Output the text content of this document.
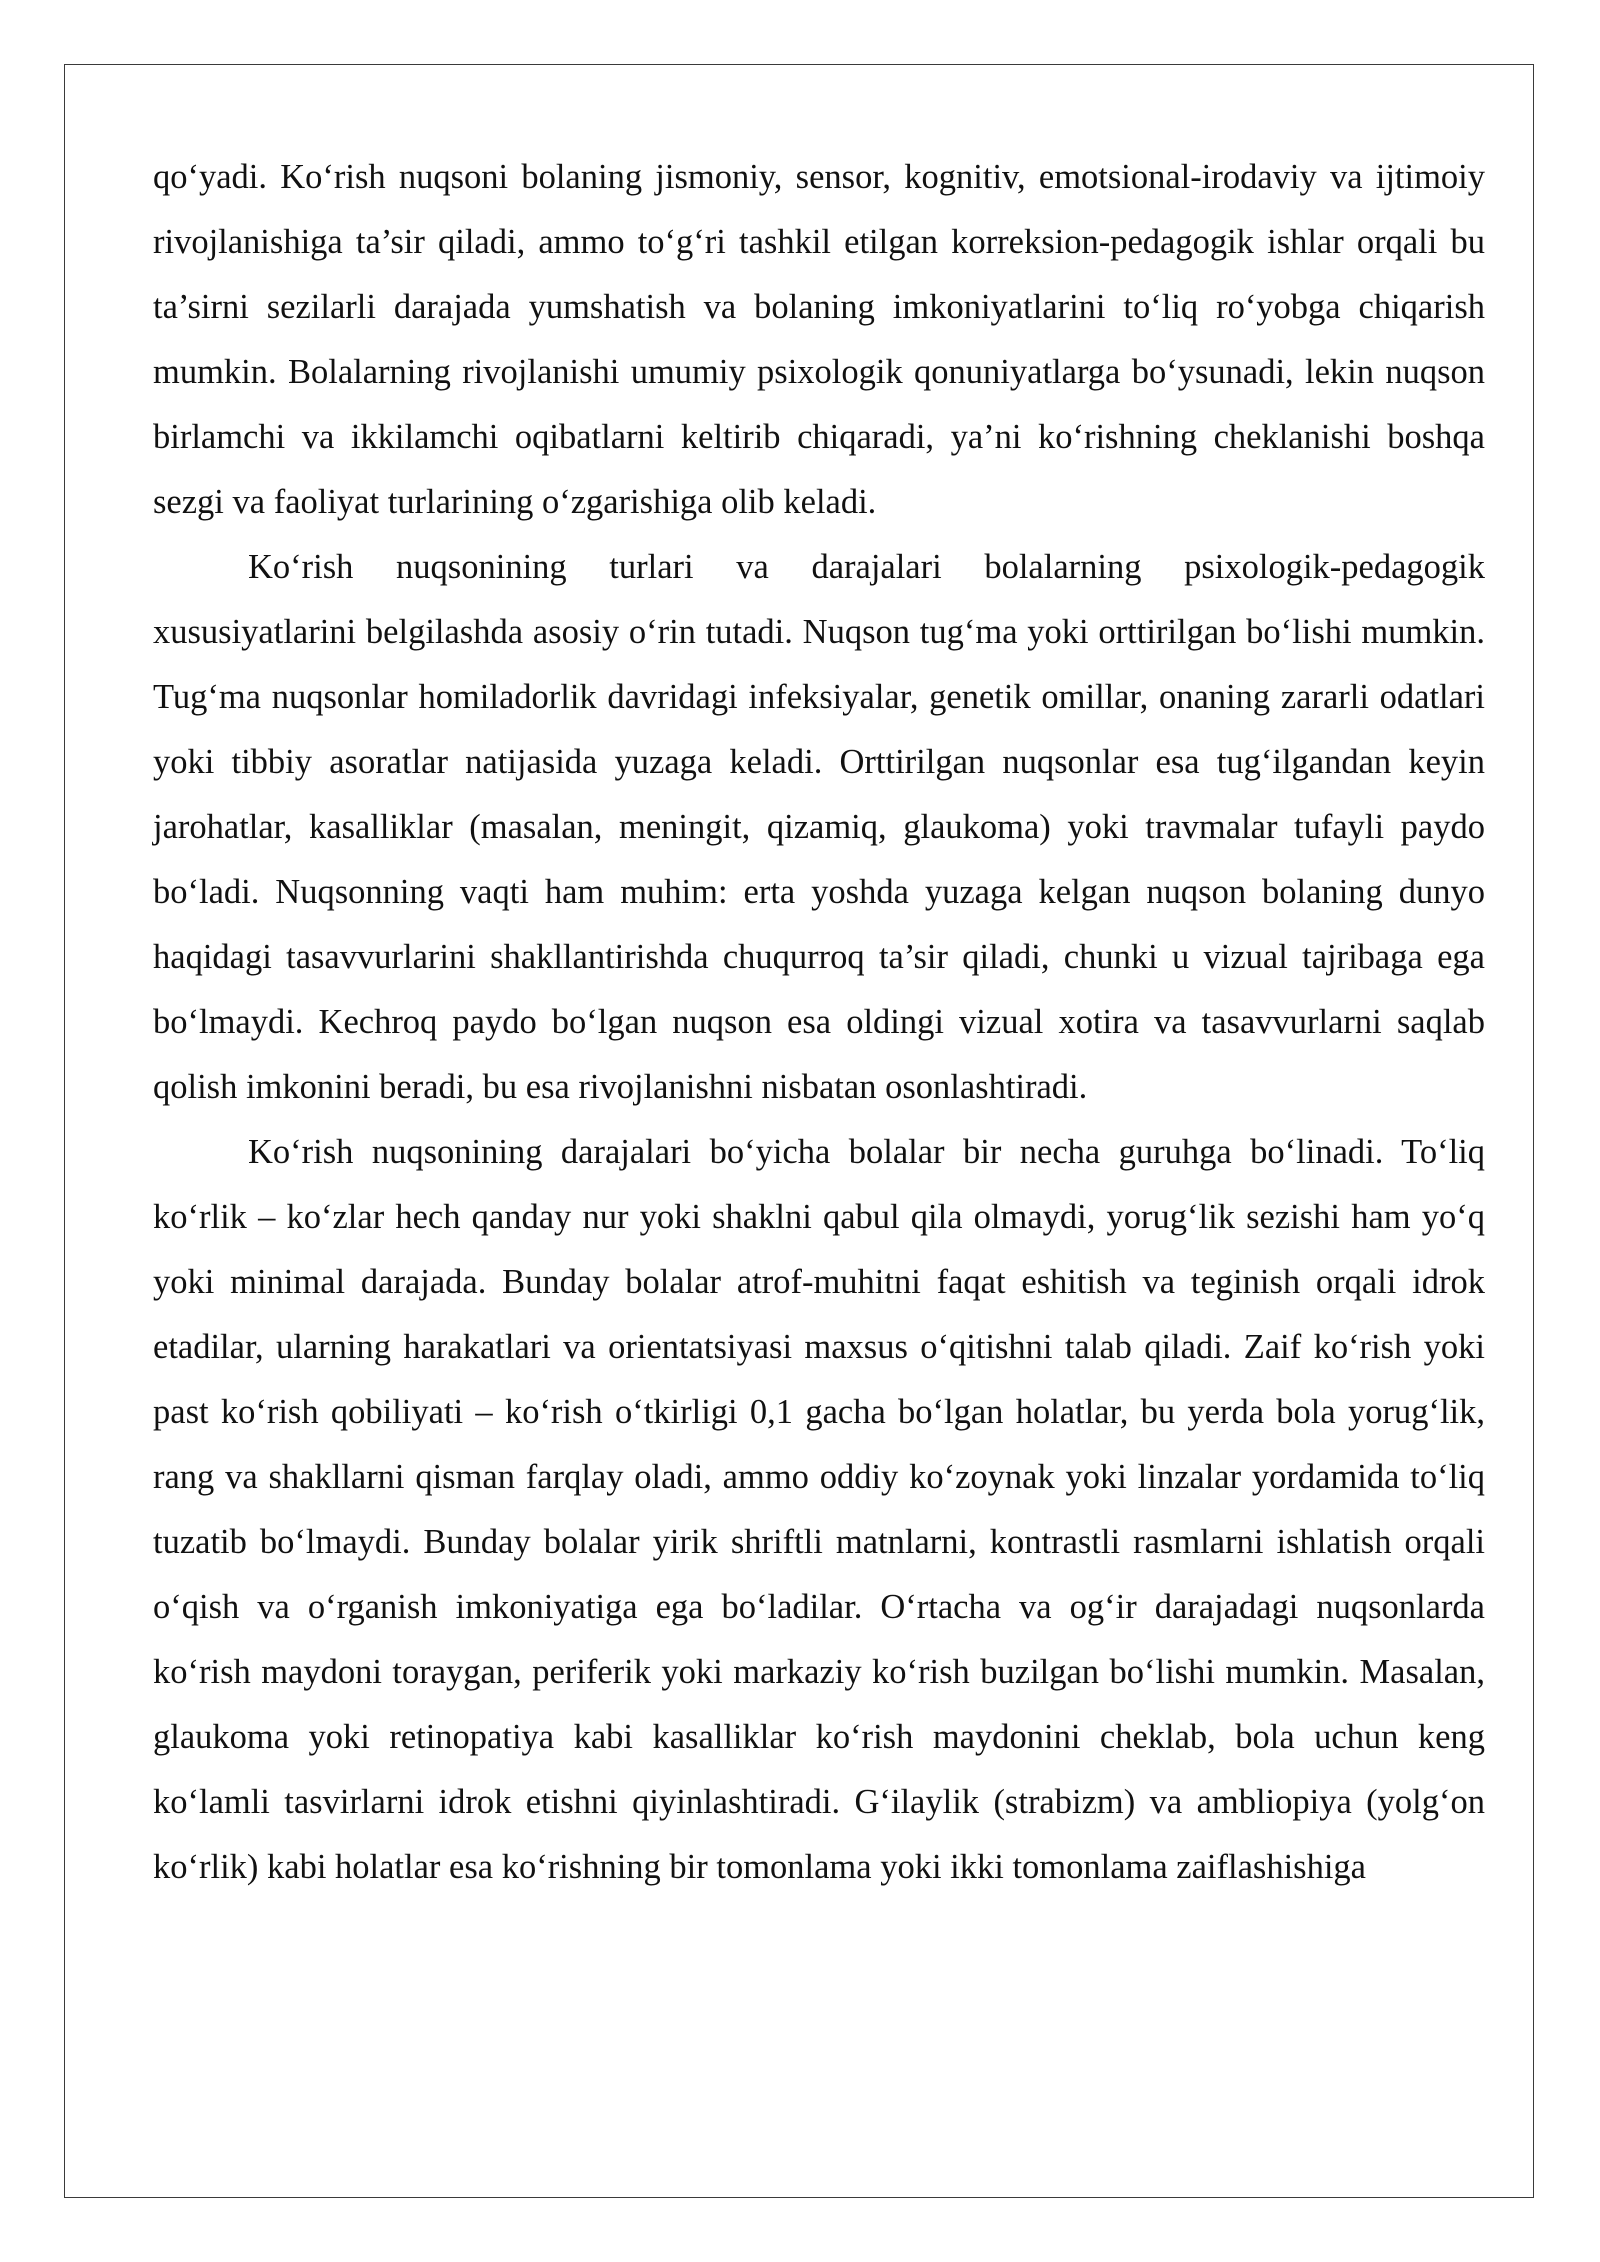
qo‘yadi. Ko‘rish nuqsoni bolaning jismoniy, sensor, kognitiv, emotsional-irodaviy va ijtimoiy rivojlanishiga ta’sir qiladi, ammo to‘g‘ri tashkil etilgan korreksion-pedagogik ishlar orqali bu ta’sirni sezilarli darajada yumshatish va bolaning imkoniyatlarini to‘liq ro‘yobga chiqarish mumkin. Bolalarning rivojlanishi umumiy psixologik qonuniyatlarga bo‘ysunadi, lekin nuqson birlamchi va ikkilamchi oqibatlarni keltirib chiqaradi, ya’ni ko‘rishning cheklanishi boshqa sezgi va faoliyat turlarining o‘zgarishiga olib keladi.

Ko‘rish nuqsonining turlari va darajalari bolalarning psixologik-pedagogik xususiyatlarini belgilashda asosiy o‘rin tutadi. Nuqson tug‘ma yoki orttirilgan bo‘lishi mumkin. Tug‘ma nuqsonlar homiladorlik davridagi infeksiyalar, genetik omillar, onaning zararli odatlari yoki tibbiy asoratlar natijasida yuzaga keladi. Orttirilgan nuqsonlar esa tug‘ilgandan keyin jarohatlar, kasalliklar (masalan, meningit, qizamiq, glaukoma) yoki travmalar tufayli paydo bo‘ladi. Nuqsonning vaqti ham muhim: erta yoshda yuzaga kelgan nuqson bolaning dunyo haqidagi tasavvurlarini shakllantirishda chuqurroq ta’sir qiladi, chunki u vizual tajribaga ega bo‘lmaydi. Kechroq paydo bo‘lgan nuqson esa oldingi vizual xotira va tasavvurlarni saqlab qolish imkonini beradi, bu esa rivojlanishni nisbatan osonlashtiradi.

Ko‘rish nuqsonining darajalari bo‘yicha bolalar bir necha guruhga bo‘linadi. To‘liq ko‘rlik – ko‘zlar hech qanday nur yoki shaklni qabul qila olmaydi, yorug‘lik sezishi ham yo‘q yoki minimal darajada. Bunday bolalar atrof-muhitni faqat eshitish va teginish orqali idrok etadilar, ularning harakatlari va orientatsiyasi maxsus o‘qitishni talab qiladi. Zaif ko‘rish yoki past ko‘rish qobiliyati – ko‘rish o‘tkirligi 0,1 gacha bo‘lgan holatlar, bu yerda bola yorug‘lik, rang va shakllarni qisman farqlay oladi, ammo oddiy ko‘zoynak yoki linzalar yordamida to‘liq tuzatib bo‘lmaydi. Bunday bolalar yirik shriftli matnlarni, kontrastli rasmlarni ishlatish orqali o‘qish va o‘rganish imkoniyatiga ega bo‘ladilar. O‘rtacha va og‘ir darajadagi nuqsonlarda ko‘rish maydoni toraygan, periferik yoki markaziy ko‘rish buzilgan bo‘lishi mumkin. Masalan, glaukoma yoki retinopatiya kabi kasalliklar ko‘rish maydonini cheklab, bola uchun keng ko‘lamli tasvirlarni idrok etishni qiyinlashtiradi. G‘ilaylik (strabizm) va ambliopiya (yolg‘on ko‘rlik) kabi holatlar esa ko‘rishning bir tomonlama yoki ikki tomonlama zaiflashishiga
